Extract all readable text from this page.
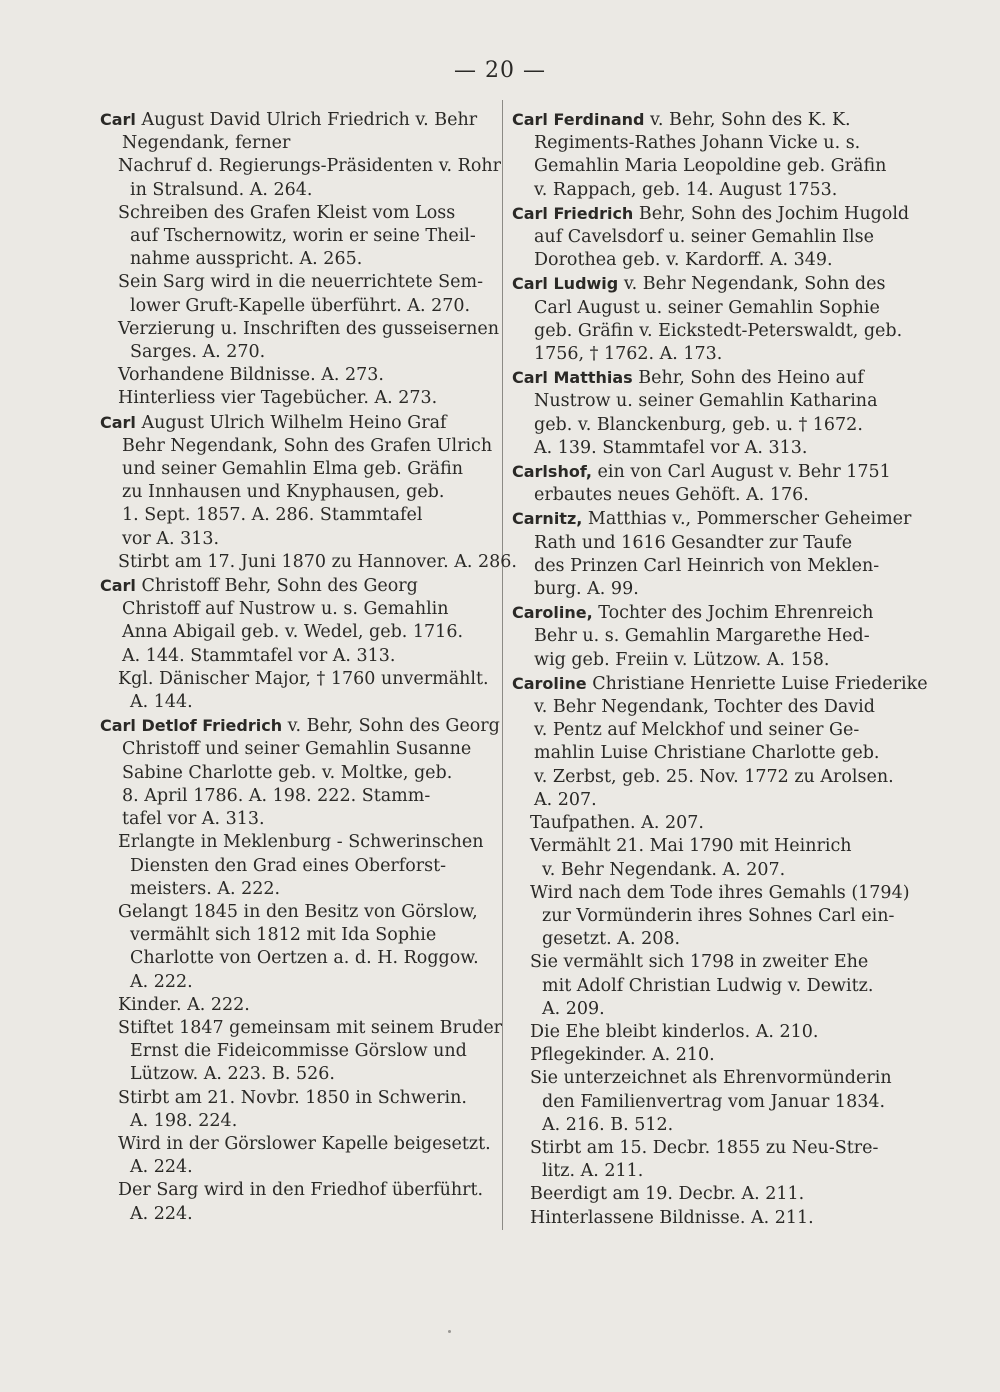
— 20 —
Carl August David Ulrich Friedrich v. Behr
Negendank, ferner
Nachruf d. Regierungs-Präsidenten v. Rohr
in Stralsund. A. 264.
Schreiben des Grafen Kleist vom Loss
auf Tschernowitz, worin er seine Theil-
nahme ausspricht. A. 265.
Sein Sarg wird in die neuerrichtete Sem-
lower Gruft-Kapelle überführt. A. 270.
Verzierung u. Inschriften des gusseisernen
Sarges. A. 270.
Vorhandene Bildnisse. A. 273.
Hinterliess vier Tagebücher. A. 273.
Carl August Ulrich Wilhelm Heino Graf
Behr Negendank, Sohn des Grafen Ulrich
und seiner Gemahlin Elma geb. Gräfin
zu Innhausen und Knyphausen, geb.
1. Sept. 1857. A. 286. Stammtafel
vor A. 313.
Stirbt am 17. Juni 1870 zu Hannover. A. 286.
Carl Christoff Behr, Sohn des Georg
Christoff auf Nustrow u. s. Gemahlin
Anna Abigail geb. v. Wedel, geb. 1716.
A. 144. Stammtafel vor A. 313.
Kgl. Dänischer Major, † 1760 unvermählt.
A. 144.
Carl Detlof Friedrich v. Behr, Sohn des Georg
Christoff und seiner Gemahlin Susanne
Sabine Charlotte geb. v. Moltke, geb.
8. April 1786. A. 198. 222. Stamm-
tafel vor A. 313.
Erlangte in Meklenburg - Schwerinschen
Diensten den Grad eines Oberforst-
meisters. A. 222.
Gelangt 1845 in den Besitz von Görslow,
vermählt sich 1812 mit Ida Sophie
Charlotte von Oertzen a. d. H. Roggow.
A. 222.
Kinder. A. 222.
Stiftet 1847 gemeinsam mit seinem Bruder
Ernst die Fideicommisse Görslow und
Lützow. A. 223. B. 526.
Stirbt am 21. Novbr. 1850 in Schwerin.
A. 198. 224.
Wird in der Görslower Kapelle beigesetzt.
A. 224.
Der Sarg wird in den Friedhof überführt.
A. 224.
Carl Ferdinand v. Behr, Sohn des K. K.
Regiments-Rathes Johann Vicke u. s.
Gemahlin Maria Leopoldine geb. Gräfin
v. Rappach, geb. 14. August 1753.
Carl Friedrich Behr, Sohn des Jochim Hugold
auf Cavelsdorf u. seiner Gemahlin Ilse
Dorothea geb. v. Kardorff. A. 349.
Carl Ludwig v. Behr Negendank, Sohn des
Carl August u. seiner Gemahlin Sophie
geb. Gräfin v. Eickstedt-Peterswaldt, geb.
1756, † 1762. A. 173.
Carl Matthias Behr, Sohn des Heino auf
Nustrow u. seiner Gemahlin Katharina
geb. v. Blanckenburg, geb. u. † 1672.
A. 139. Stammtafel vor A. 313.
Carlshof, ein von Carl August v. Behr 1751
erbautes neues Gehöft. A. 176.
Carnitz, Matthias v., Pommerscher Geheimer
Rath und 1616 Gesandter zur Taufe
des Prinzen Carl Heinrich von Meklen-
burg. A. 99.
Caroline, Tochter des Jochim Ehrenreich
Behr u. s. Gemahlin Margarethe Hed-
wig geb. Freiin v. Lützow. A. 158.
Caroline Christiane Henriette Luise Friederike
v. Behr Negendank, Tochter des David
v. Pentz auf Melckhof und seiner Ge-
mahlin Luise Christiane Charlotte geb.
v. Zerbst, geb. 25. Nov. 1772 zu Arolsen.
A. 207.
Taufpathen. A. 207.
Vermählt 21. Mai 1790 mit Heinrich
v. Behr Negendank. A. 207.
Wird nach dem Tode ihres Gemahls (1794)
zur Vormünderin ihres Sohnes Carl ein-
gesetzt. A. 208.
Sie vermählt sich 1798 in zweiter Ehe
mit Adolf Christian Ludwig v. Dewitz.
A. 209.
Die Ehe bleibt kinderlos. A. 210.
Pflegekinder. A. 210.
Sie unterzeichnet als Ehrenvormünderin
den Familienvertrag vom Januar 1834.
A. 216. B. 512.
Stirbt am 15. Decbr. 1855 zu Neu-Stre-
litz. A. 211.
Beerdigt am 19. Decbr. A. 211.
Hinterlassene Bildnisse. A. 211.
